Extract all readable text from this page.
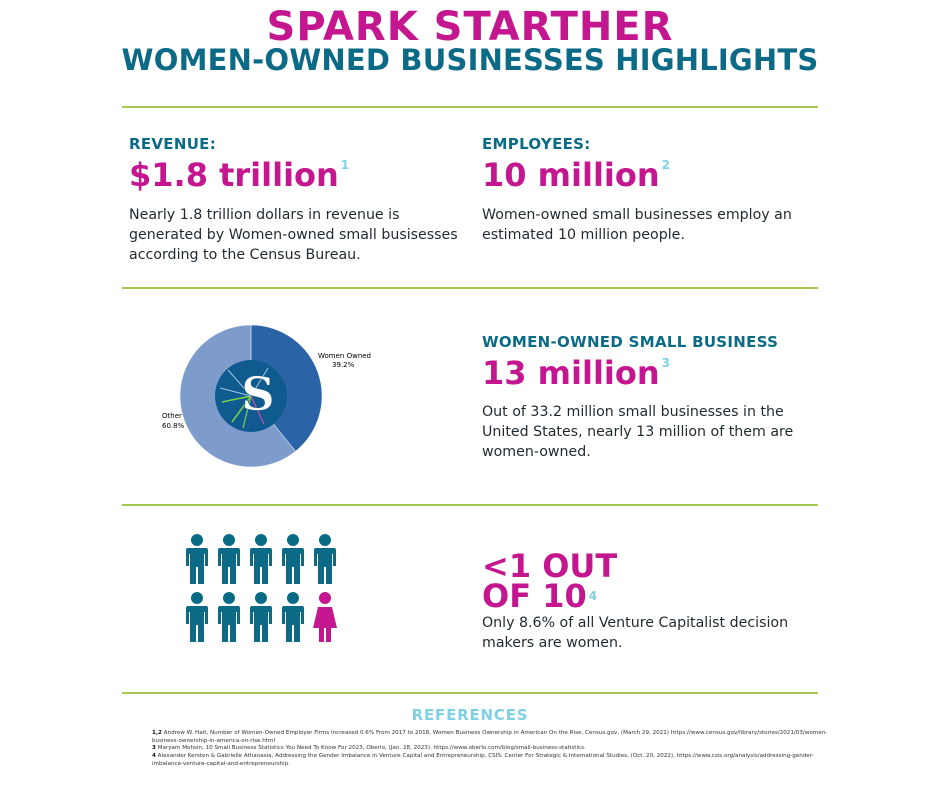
SPARK STARTHER
WOMEN-OWNED BUSINESSES HIGHLIGHTS
REVENUE:
$1.8 trillion $^1$
Nearly 1.8 trillion dollars in revenue is generated by Women-owned small busisesses according to the Census Bureau.
EMPLOYEES:
10 million $^2$
Women-owned small businesses employ an estimated 10 million people.
S
Women Owned
39.2%
Other
60.8%
WOMEN-OWNED SMALL BUSINESS
13 million $^3$
Out of 33.2 million small businesses in the United States, nearly 13 million of them are women-owned.
<1 OUT
OF 10 $^4$
Only 8.6% of all Venture Capitalist decision makers are women.
REFERENCES
1,2 Andrew W. Hait, Number of Women-Owned Employer Firms Increased 0.6% From 2017 to 2018, Women Business Ownership in American On the Rise, Census.gov, (March 29, 2021) https://www.census.gov/library/stories/2021/03/women-business-ownership-in-america-on-rise.html
3 Maryam Mohsin, 10 Small Business Statistics You Need To Know For 2023, Oberlo, (Jan. 28, 2023). https://www.oberlo.com/blog/small-business-statistics.
4 Alexander Kersten & Gabrielle Athanasia, Addressing the Gender Imbalance in Venture Capital and Entrepreneurship, CSIS: Center For Strategic & International Studies, (Oct. 20, 2022), https://www.csis.org/analysis/addressing-gender-imbalance-venture-capital-and-entrepreneurship.
